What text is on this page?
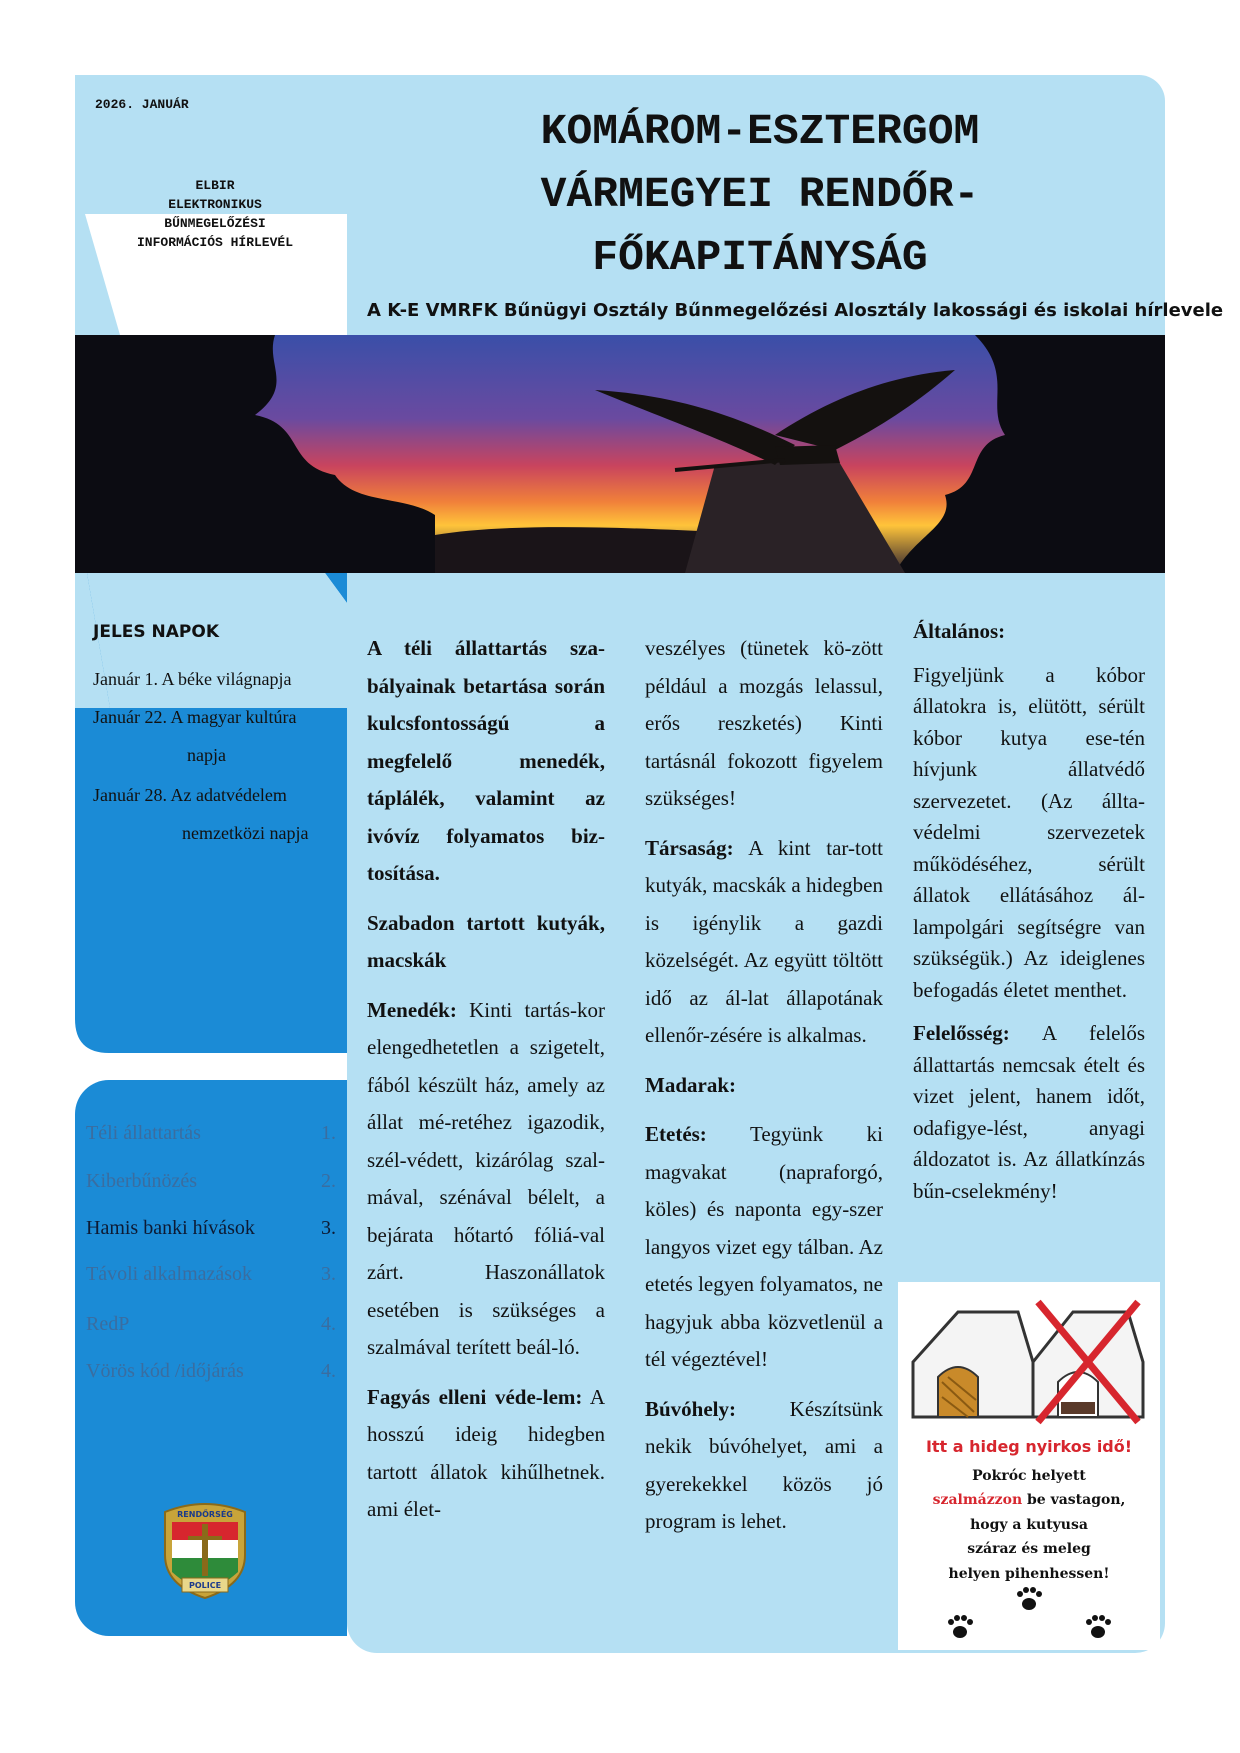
2026. JANUÁR
ELBIR
ELEKTRONIKUS
BŰNMEGELŐZÉSI
INFORMÁCIÓS HÍRLEVÉL
KOMÁROM-ESZTERGOM
VÁRMEGYEI RENDŐR-
FŐKAPITÁNYSÁG
A K-E VMRFK Bűnügyi Osztály Bűnmegelőzési Alosztály lakossági és iskolai hírlevele
JELES NAPOK
Január 1. A béke világnapja
Január 22. A magyar kultúra
napja
Január 28. Az adatvédelem
nemzetközi napja
Téli állattartás	1.
Kiberbűnözés	2.
Hamis banki hívások	3.
Távoli alkalmazások	3.
RedP	4.
Vörös kód /időjárás	4.
RENDŐRSÉG
POLICE

A téli állattartás sza-bályainak betartása során kulcsfontosságú a megfelelő menedék, táplálék, valamint az ivóvíz folyamatos biz-tosítása.

Szabadon tartott kutyák, macskák

Menedék: Kinti tartás-kor elengedhetetlen a szigetelt, fából készült ház, amely az állat mé-retéhez igazodik, szél-védett, kizárólag szal-mával, szénával bélelt, a bejárata hőtartó fóliá-val zárt. Haszonállatok esetében is szükséges a szalmával terített beál-ló.

Fagyás elleni véde-lem: A hosszú ideig hidegben tartott állatok kihűlhetnek. ami élet-

veszélyes (tünetek kö-zött például a mozgás lelassul, erős reszketés) Kinti tartásnál fokozott figyelem szükséges!

Társaság: A kint tar-tott kutyák, macskák a hidegben is igénylik a gazdi közelségét. Az együtt töltött idő az ál-lat állapotának ellenőr-zésére is alkalmas.

Madarak:

Etetés: Tegyünk ki magvakat (napraforgó, köles) és naponta egy-szer langyos vizet egy tálban. Az etetés legyen folyamatos, ne hagyjuk abba közvetlenül a tél végeztével!

Búvóhely: Készítsünk nekik búvóhelyet, ami a gyerekekkel közös jó program is lehet.

Általános:

Figyeljünk a kóbor állatokra is, elütött, sérült kóbor kutya ese-tén hívjunk állatvédő szervezetet. (Az állta-védelmi szervezetek működéséhez, sérült állatok ellátásához ál-lampolgári segítségre van szükségük.) Az ideiglenes befogadás életet menthet.

Felelősség: A felelős állattartás nemcsak ételt és vizet jelent, hanem időt, odafigye-lést, anyagi áldozatot is. Az állatkínzás bűn-cselekmény!

Itt a hideg nyirkos idő!
Pokróc helyett
szalmázzon be vastagon,
hogy a kutyusa
száraz és meleg
helyen pihenhessen!
